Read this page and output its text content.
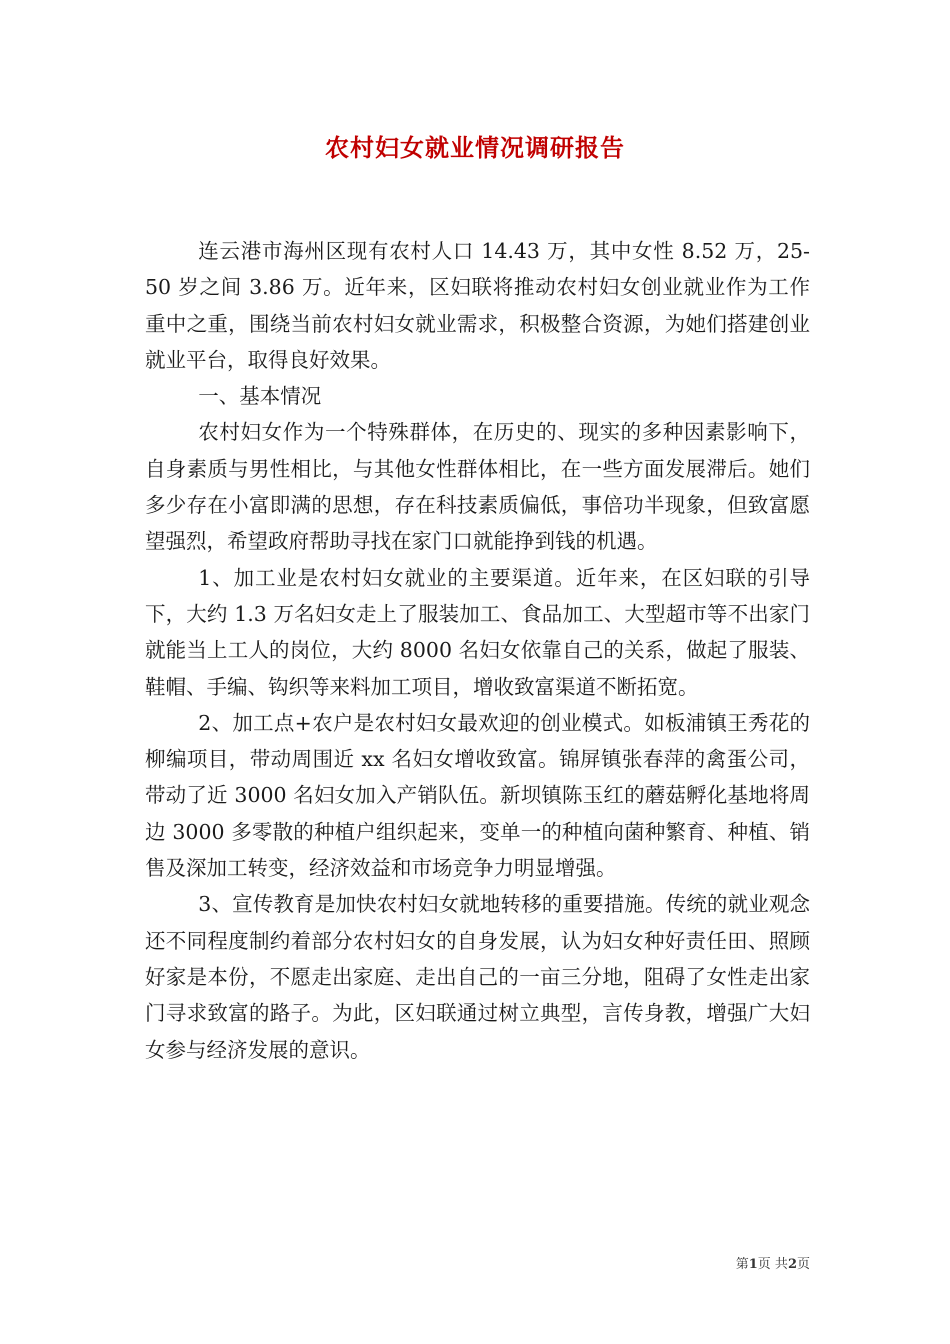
农村妇女就业情况调研报告

连云港市海州区现有农村人口 14.43 万，其中女性 8.52 万，25-50 岁之间 3.86 万。近年来，区妇联将推动农村妇女创业就业作为工作重中之重，围绕当前农村妇女就业需求，积极整合资源，为她们搭建创业就业平台，取得良好效果。

一、基本情况

农村妇女作为一个特殊群体，在历史的、现实的多种因素影响下，自身素质与男性相比，与其他女性群体相比，在一些方面发展滞后。她们多少存在小富即满的思想，存在科技素质偏低，事倍功半现象，但致富愿望强烈，希望政府帮助寻找在家门口就能挣到钱的机遇。

1、加工业是农村妇女就业的主要渠道。近年来，在区妇联的引导下，大约 1.3 万名妇女走上了服装加工、食品加工、大型超市等不出家门就能当上工人的岗位，大约 8000 名妇女依靠自己的关系，做起了服装、鞋帽、手编、钩织等来料加工项目，增收致富渠道不断拓宽。

2、加工点+农户是农村妇女最欢迎的创业模式。如板浦镇王秀花的柳编项目，带动周围近 xx 名妇女增收致富。锦屏镇张春萍的禽蛋公司，带动了近 3000 名妇女加入产销队伍。新坝镇陈玉红的蘑菇孵化基地将周边 3000 多零散的种植户组织起来，变单一的种植向菌种繁育、种植、销售及深加工转变，经济效益和市场竞争力明显增强。

3、宣传教育是加快农村妇女就地转移的重要措施。传统的就业观念还不同程度制约着部分农村妇女的自身发展，认为妇女种好责任田、照顾好家是本份，不愿走出家庭、走出自己的一亩三分地，阻碍了女性走出家门寻求致富的路子。为此，区妇联通过树立典型，言传身教，增强广大妇女参与经济发展的意识。

第1页 共2页
